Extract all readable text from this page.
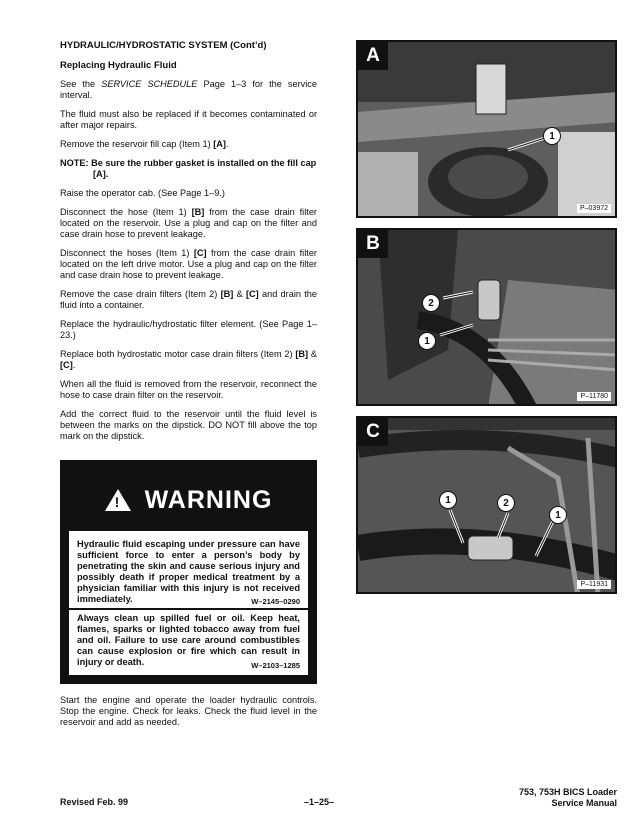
HYDRAULIC/HYDROSTATIC SYSTEM (Cont’d)

Replacing Hydraulic Fluid

See the SERVICE SCHEDULE Page 1–3 for the service interval.

The fluid must also be replaced if it becomes contaminated or after major repairs.

Remove the reservoir fill cap (Item 1) [A].

NOTE: Be sure the rubber gasket is installed on the fill cap [A].

Raise the operator cab. (See Page 1–9.)

Disconnect the hose (Item 1) [B] from the case drain filter located on the reservoir. Use a plug and cap on the filter and case drain hose to prevent leakage.

Disconnect the hoses (Item 1) [C] from the case drain filter located on the left drive motor. Use a plug and cap on the filter and case drain hose to prevent leakage.

Remove the case drain filters (Item 2) [B] & [C] and drain the fluid into a container.

Replace the hydraulic/hydrostatic filter element. (See Page 1–23.)

Replace both hydrostatic motor case drain filters (Item 2) [B] & [C].

When all the fluid is removed from the reservoir, reconnect the hose to case drain filter on the reservoir.

Add the correct fluid to the reservoir until the fluid level is between the marks on the dipstick. DO NOT fill above the top mark on the dipstick.

! WARNING
Hydraulic fluid escaping under pressure can have sufficient force to enter a person’s body by penetrating the skin and cause serious injury and possibly death if proper medical treatment by a physician familiar with this injury is not received immediately.	W–2145–0290
Always clean up spilled fuel or oil. Keep heat, flames, sparks or lighted tobacco away from fuel and oil. Failure to use care around combustibles can cause explosion or fire which can result in injury or death.	W–2103–1285

Start the engine and operate the loader hydraulic controls. Stop the engine. Check for leaks. Check the fluid level in the reservoir and add as needed.

A
1
P–03972
B
2
1
P–11780
C
1	2
1
P–11931
Revised Feb. 99	–1–25–
753, 753H BICS Loader
Service Manual
